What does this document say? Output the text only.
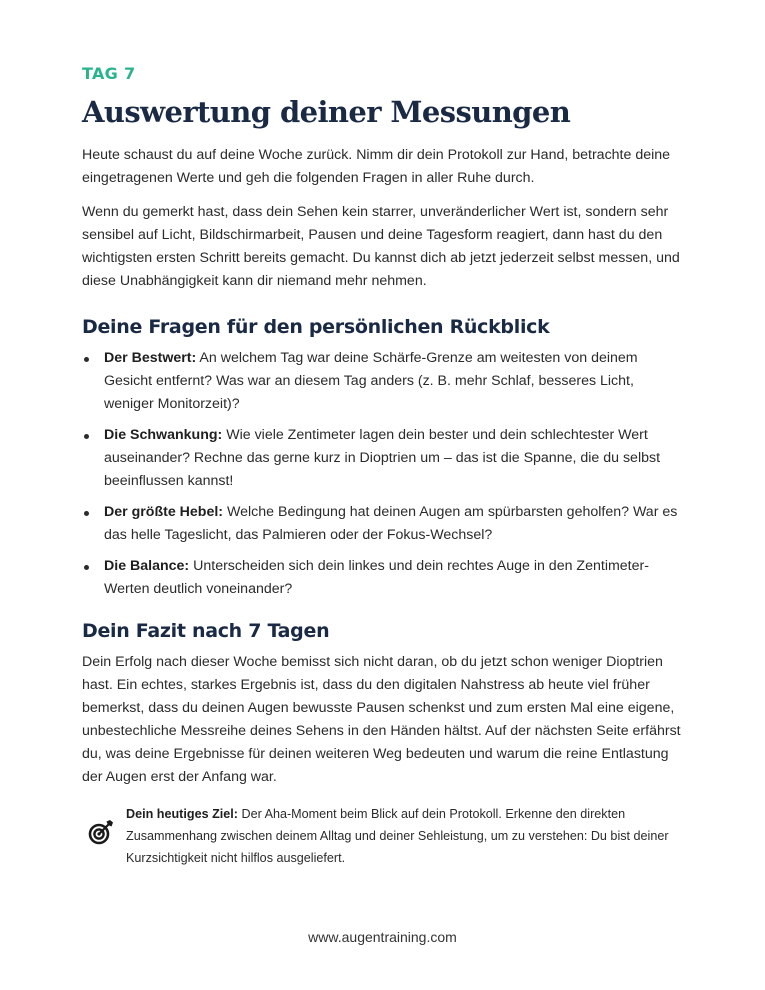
TAG 7
Auswertung deiner Messungen

Heute schaust du auf deine Woche zurück. Nimm dir dein Protokoll zur Hand, betrachte deine eingetragenen Werte und geh die folgenden Fragen in aller Ruhe durch.

Wenn du gemerkt hast, dass dein Sehen kein starrer, unveränderlicher Wert ist, sondern sehr sensibel auf Licht, Bildschirmarbeit, Pausen und deine Tagesform reagiert, dann hast du den wichtigsten ersten Schritt bereits gemacht. Du kannst dich ab jetzt jederzeit selbst messen, und diese Unabhängigkeit kann dir niemand mehr nehmen.

Deine Fragen für den persönlichen Rückblick
Der Bestwert: An welchem Tag war deine Schärfe-Grenze am weitesten von deinem Gesicht entfernt? Was war an diesem Tag anders (z. B. mehr Schlaf, besseres Licht, weniger Monitorzeit)?
Die Schwankung: Wie viele Zentimeter lagen dein bester und dein schlechtester Wert auseinander? Rechne das gerne kurz in Dioptrien um – das ist die Spanne, die du selbst beeinflussen kannst!
Der größte Hebel: Welche Bedingung hat deinen Augen am spürbarsten geholfen? War es das helle Tageslicht, das Palmieren oder der Fokus-Wechsel?
Die Balance: Unterscheiden sich dein linkes und dein rechtes Auge in den Zentimeter-Werten deutlich voneinander?
Dein Fazit nach 7 Tagen

Dein Erfolg nach dieser Woche bemisst sich nicht daran, ob du jetzt schon weniger Dioptrien hast. Ein echtes, starkes Ergebnis ist, dass du den digitalen Nahstress ab heute viel früher bemerkst, dass du deinen Augen bewusste Pausen schenkst und zum ersten Mal eine eigene, unbestechliche Messreihe deines Sehens in den Händen hältst. Auf der nächsten Seite erfährst du, was deine Ergebnisse für deinen weiteren Weg bedeuten und warum die reine Entlastung der Augen erst der Anfang war.

Dein heutiges Ziel: Der Aha-Moment beim Blick auf dein Protokoll. Erkenne den direkten Zusammenhang zwischen deinem Alltag und deiner Sehleistung, um zu verstehen: Du bist deiner Kurzsichtigkeit nicht hilflos ausgeliefert.
www.augentraining.com
